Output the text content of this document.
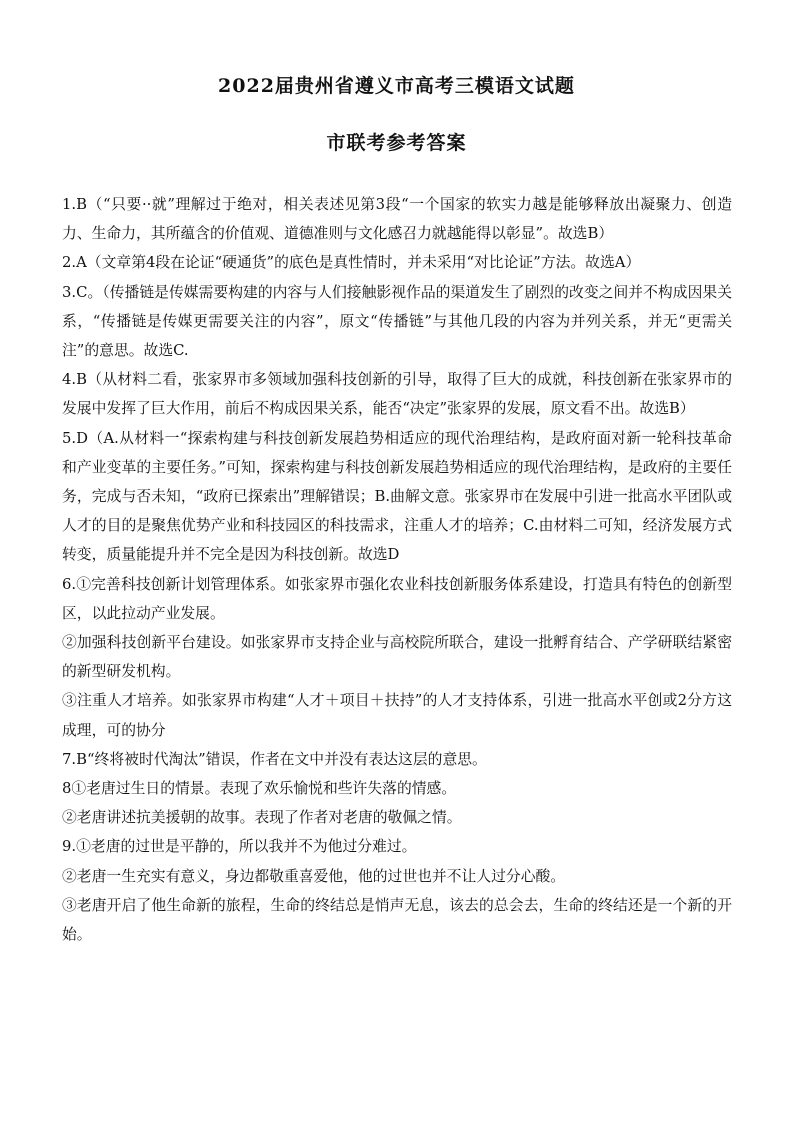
2022届贵州省遵义市高考三模语文试题
市联考参考答案

1.B（“只要··就”理解过于绝对，相关表述见第3段“一个国家的软实力越是能够释放出凝聚力、创造力、生命力，其所蕴含的价值观、道德准则与文化感召力就越能得以彰显”。故选B）

2.A（文章第4段在论证“硬通货”的底色是真性情时，并未采用“对比论证”方法。故选A）

3.C。（传播链是传媒需要构建的内容与人们接触影视作品的渠道发生了剧烈的改变之间并不构成因果关系，“传播链是传媒更需要关注的内容”，原文“传播链”与其他几段的内容为并列关系，并无“更需关注”的意思。故选C.

4.B（从材料二看，张家界市多领域加强科技创新的引导，取得了巨大的成就，科技创新在张家界市的发展中发挥了巨大作用，前后不构成因果关系，能否“决定”张家界的发展，原文看不出。故选B）

5.D（A.从材料一“探索构建与科技创新发展趋势相适应的现代治理结构，是政府面对新一轮科技革命和产业变革的主要任务。”可知，探索构建与科技创新发展趋势相适应的现代治理结构，是政府的主要任务，完成与否未知，“政府已探索出”理解错误；B.曲解文意。张家界市在发展中引进一批高水平团队或人才的目的是聚焦优势产业和科技园区的科技需求，注重人才的培养；C.由材料二可知，经济发展方式转变，质量能提升并不完全是因为科技创新。故选D

6.①完善科技创新计划管理体系。如张家界市强化农业科技创新服务体系建设，打造具有特色的创新型区，以此拉动产业发展。

②加强科技创新平台建设。如张家界市支持企业与高校院所联合，建设一批孵育结合、产学研联结紧密的新型研发机构。

③注重人才培养。如张家界市构建“人才＋项目＋扶持”的人才支持体系，引进一批高水平创或2分方这成理，可的协分

7.B“终将被时代淘汰”错误，作者在文中并没有表达这层的意思。

8①老唐过生日的情景。表现了欢乐愉悦和些许失落的情感。

②老唐讲述抗美援朝的故事。表现了作者对老唐的敬佩之情。

9.①老唐的过世是平静的，所以我并不为他过分难过。

②老唐一生充实有意义，身边都敬重喜爱他，他的过世也并不让人过分心酸。

③老唐开启了他生命新的旅程，生命的终结总是悄声无息，该去的总会去，生命的终结还是一个新的开始。
